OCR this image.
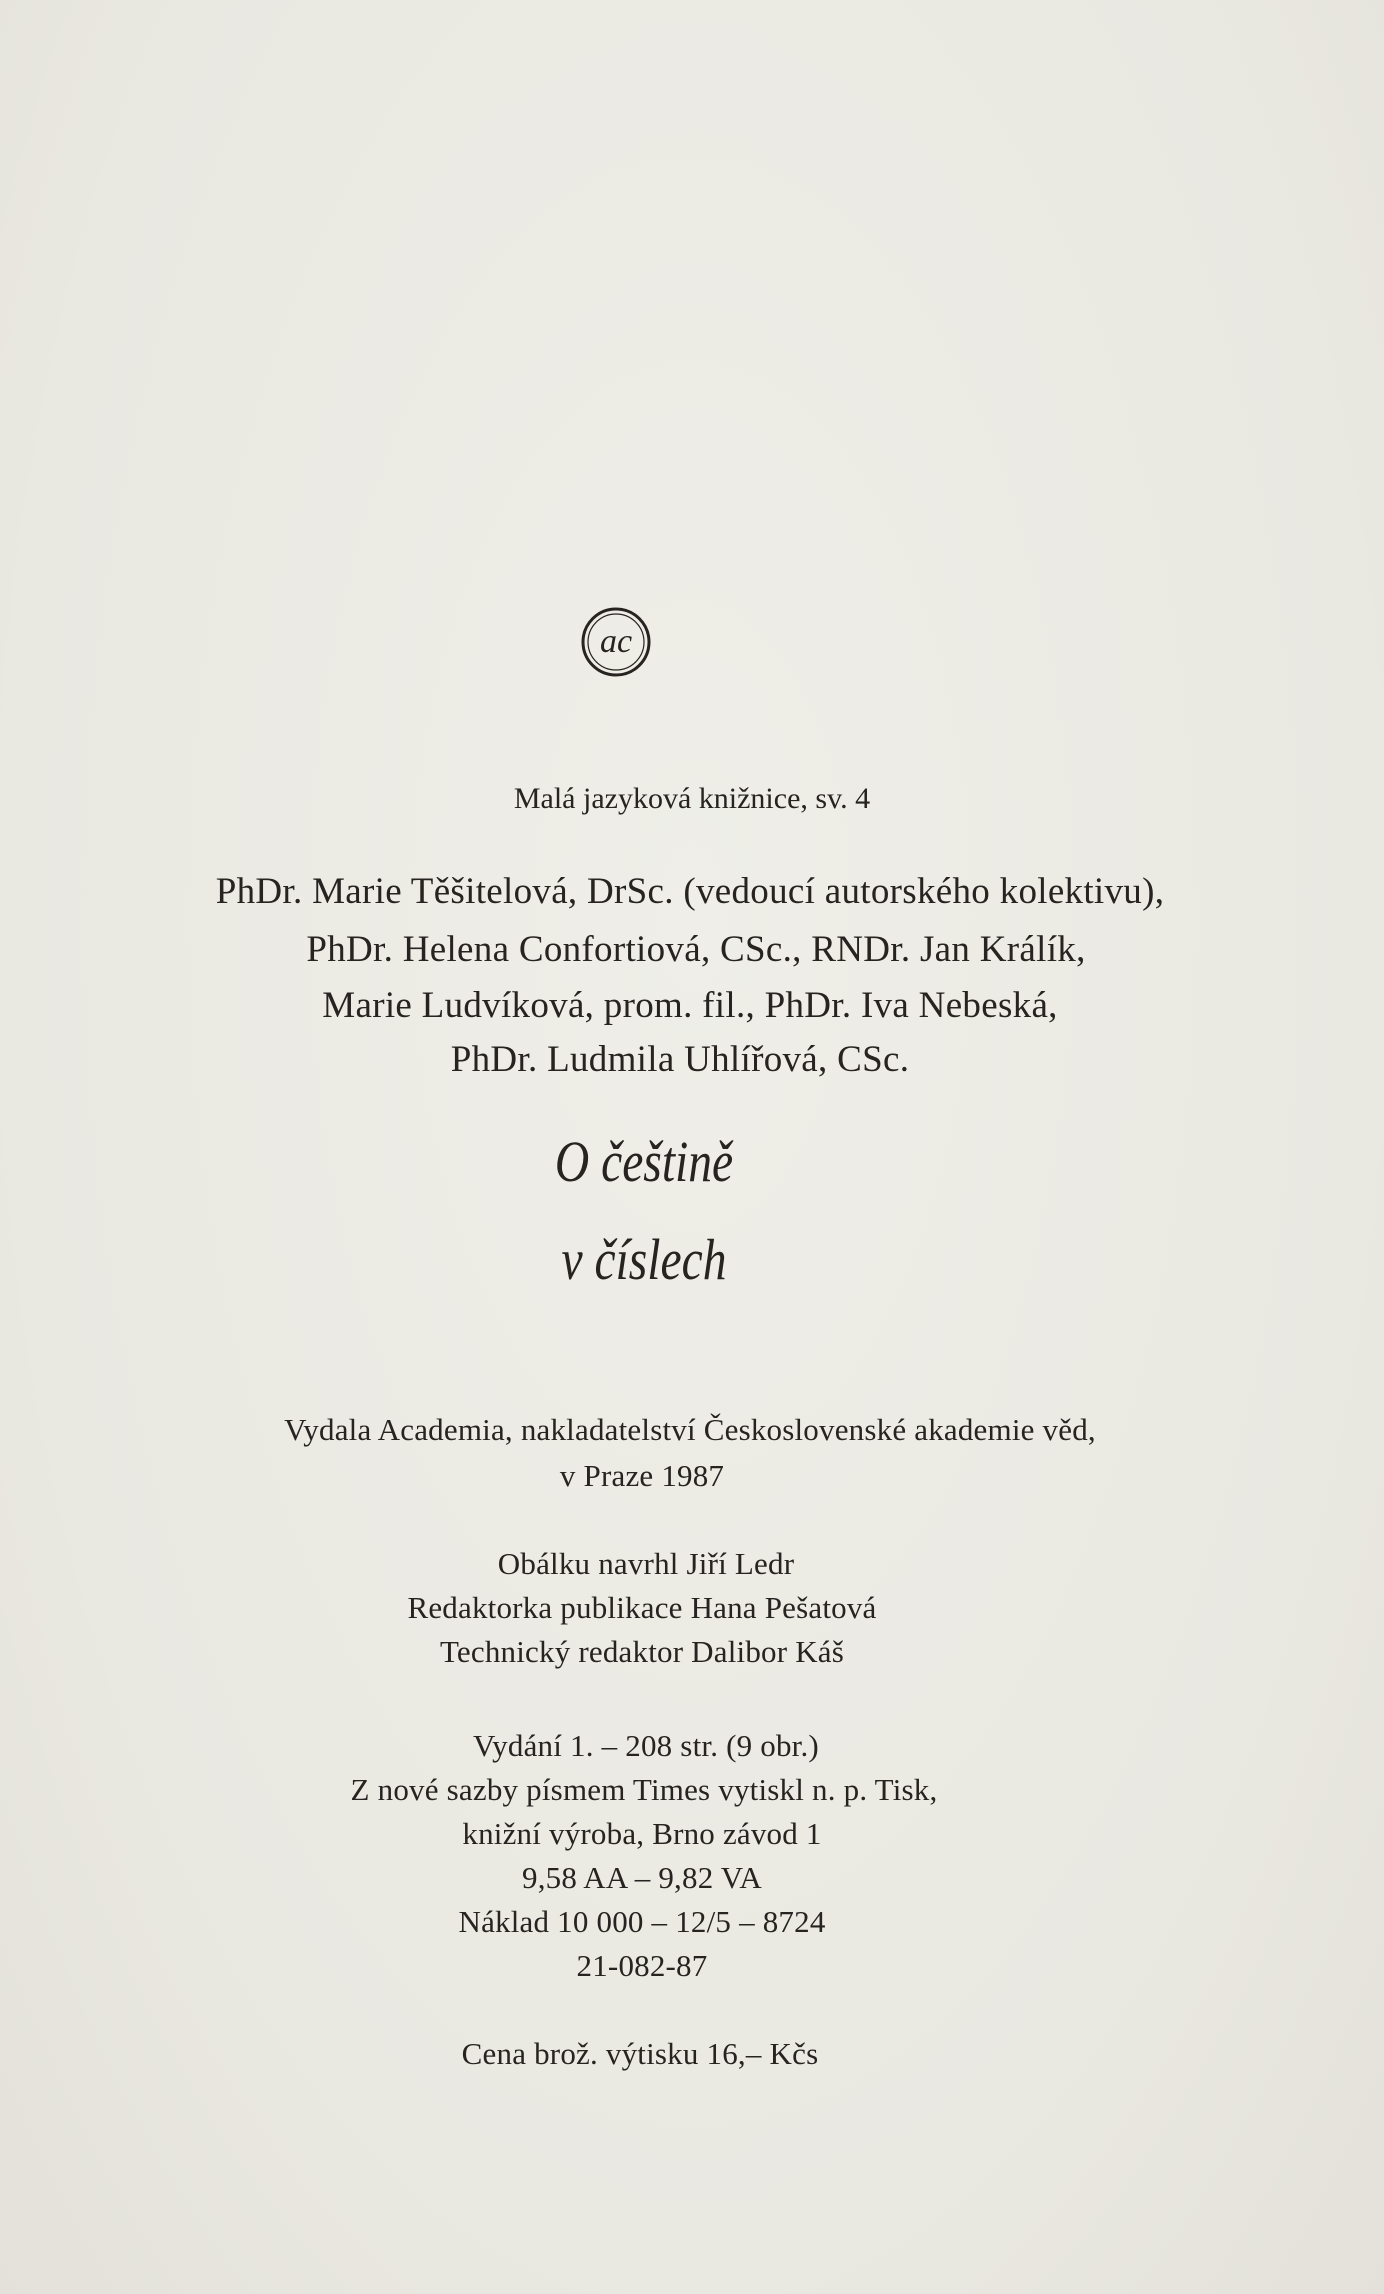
ac
Malá jazyková knižnice, sv. 4
PhDr. Marie Těšitelová, DrSc. (vedoucí autorského kolektivu),
PhDr. Helena Confortiová, CSc., RNDr. Jan Králík,
Marie Ludvíková, prom. fil., PhDr. Iva Nebeská,
PhDr. Ludmila Uhlířová, CSc.
O češtině
v číslech
Vydala Academia, nakladatelství Československé akademie věd,
v Praze 1987
Obálku navrhl Jiří Ledr
Redaktorka publikace Hana Pešatová
Technický redaktor Dalibor Káš
Vydání 1. – 208 str. (9 obr.)
Z nové sazby písmem Times vytiskl n. p. Tisk,
knižní výroba, Brno závod 1
9,58 AA – 9,82 VA
Náklad 10 000 – 12/5 – 8724
21-082-87
Cena brož. výtisku 16,– Kčs
